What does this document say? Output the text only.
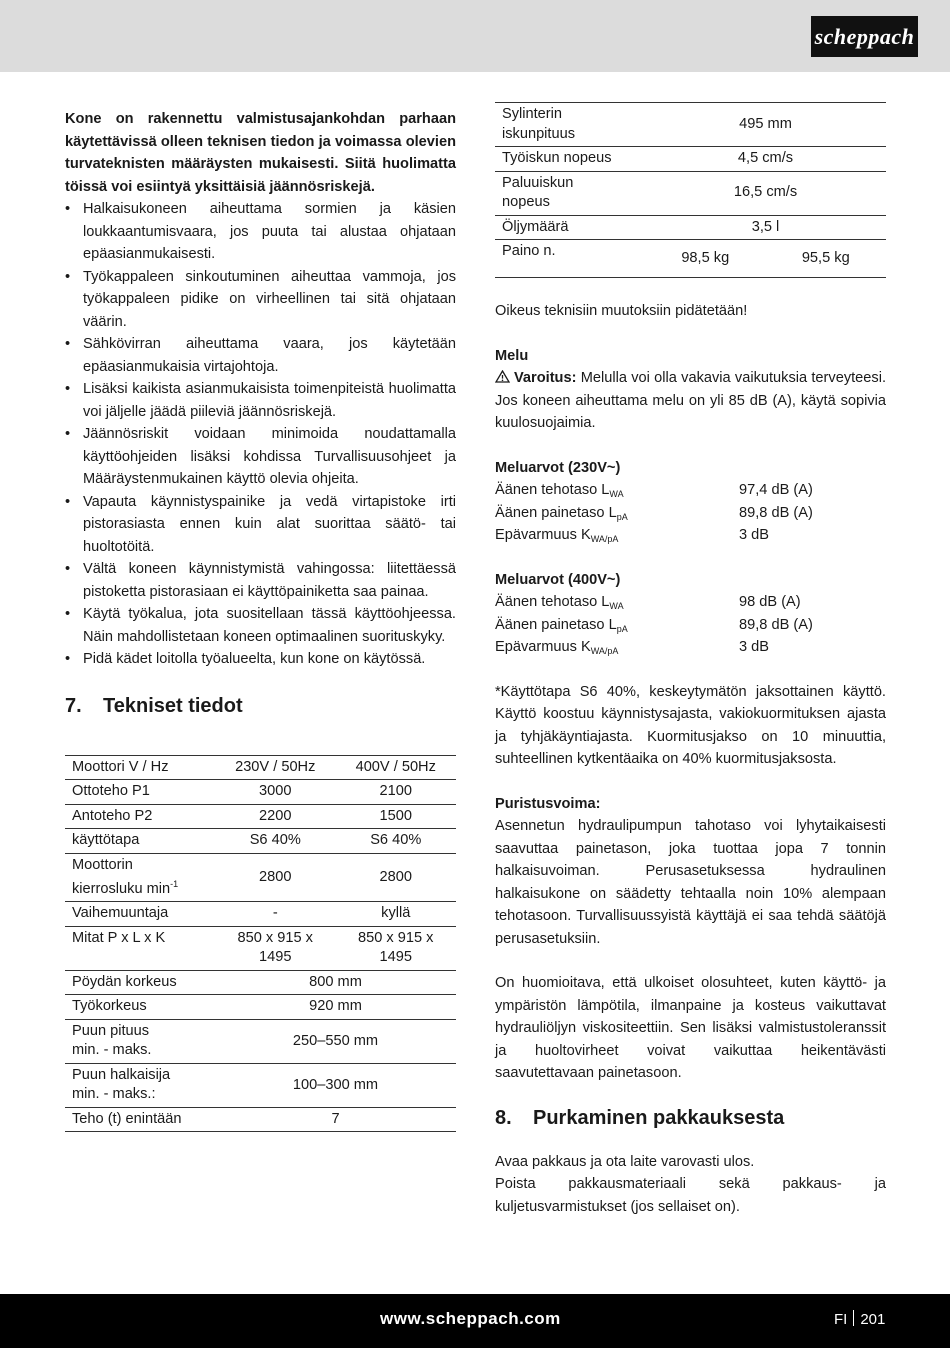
scheppach

Kone on rakennettu valmistusajankohdan parhaan käytettävissä olleen teknisen tiedon ja voimassa olevien turvateknisten määräysten mukaisesti. Siitä huolimatta töissä voi esiintyä yksittäisiä jäännösriskejä.

• Halkaisukoneen aiheuttama sormien ja käsien loukkaantumisvaara, jos puuta tai alustaa ohjataan epäasianmukaisesti.
• Työkappaleen sinkoutuminen aiheuttaa vammoja, jos työkappaleen pidike on virheellinen tai sitä ohjataan väärin.
• Sähkövirran aiheuttama vaara, jos käytetään epäasianmukaisia virtajohtoja.
• Lisäksi kaikista asianmukaisista toimenpiteistä huolimatta voi jäljelle jäädä piileviä jäännösriskejä.
• Jäännösriskit voidaan minimoida noudattamalla käyttöohjeiden lisäksi kohdissa Turvallisuusohjeet ja Määräystenmukainen käyttö olevia ohjeita.
• Vapauta käynnistyspainike ja vedä virtapistoke irti pistorasiasta ennen kuin alat suorittaa säätö- tai huoltotöitä.
• Vältä koneen käynnistymistä vahingossa: liitettäessä pistoketta pistorasiaan ei käyttöpainiketta saa painaa.
• Käytä työkalua, jota suositellaan tässä käyttöohjeessa. Näin mahdollistetaan koneen optimaalinen suorituskyky.
• Pidä kädet loitolla työalueelta, kun kone on käytössä.
7.	Tekniset tiedot
Moottori V / Hz	230V / 50Hz	400V / 50Hz
Ottoteho P1	3000	2100
Antoteho P2	2200	1500
käyttötapa	S6 40%	S6 40%
Moottorin
kierrosluku $\min^{-1}$	2800	2800
Vaihemuuntaja	-	kyllä
Mitat P x L x K	850 x 915 x 1495	850 x 915 x 1495
Pöydän korkeus	800 mm	
Työkorkeus	920 mm	
Puun pituus
min. - maks.	250–550 mm	
Puun halkaisija
min. - maks.:	100–300 mm	
Teho (t) enintään	7	
Sylinterin
iskunpituus	495 mm	
Työiskun nopeus	4,5 cm/s	
Paluuiskun
nopeus	16,5 cm/s	
Öljymäärä	3,5 l	
Paino n.	98,5 kg	95,5 kg

Oikeus teknisiin muutoksiin pidätetään!

Melu

Varoitus: Melulla voi olla vakavia vaikutuksia terveyteesi. Jos koneen aiheuttama melu on yli 85 dB (A), käytä sopivia kuulosuojaimia.

Meluarvot (230V~)

Äänen tehotaso $L_{WA}$	97,4 dB (A)
Äänen painetaso $L_{pA}$	89,8 dB (A)
Epävarmuus $K_{WA/pA}$	3 dB

Meluarvot (400V~)

Äänen tehotaso $L_{WA}$	98 dB (A)
Äänen painetaso $L_{pA}$	89,8 dB (A)
Epävarmuus $K_{WA/pA}$	3 dB

*Käyttötapa S6 40%, keskeytymätön jaksottainen käyttö. Käyttö koostuu käynnistysajasta, vakiokuormituksen ajasta ja tyhjäkäyntiajasta. Kuormitusjakso on 10 minuuttia, suhteellinen kytkentäaika on 40% kuormitusjaksosta.

Puristusvoima:

Asennetun hydraulipumpun tahotaso voi lyhytaikaisesti saavuttaa painetason, joka tuottaa jopa 7 tonnin halkaisuvoiman. Perusasetuksessa hydraulinen halkaisukone on säädetty tehtaalla noin 10% alempaan tehotasoon. Turvallisuussyistä käyttäjä ei saa tehdä säätöjä perusasetuksiin.

On huomioitava, että ulkoiset olosuhteet, kuten käyttö- ja ympäristön lämpötila, ilmanpaine ja kosteus vaikuttavat hydrauliöljyn viskositeettiin. Sen lisäksi valmistustoleranssit ja huoltovirheet voivat vaikuttaa heikentävästi saavutettavaan painetasoon.

8.	Purkaminen pakkauksesta

Avaa pakkaus ja ota laite varovasti ulos.

Poista pakkausmateriaali sekä pakkaus- ja kuljetusvarmistukset (jos sellaiset on).

www.scheppach.com	FI 201
